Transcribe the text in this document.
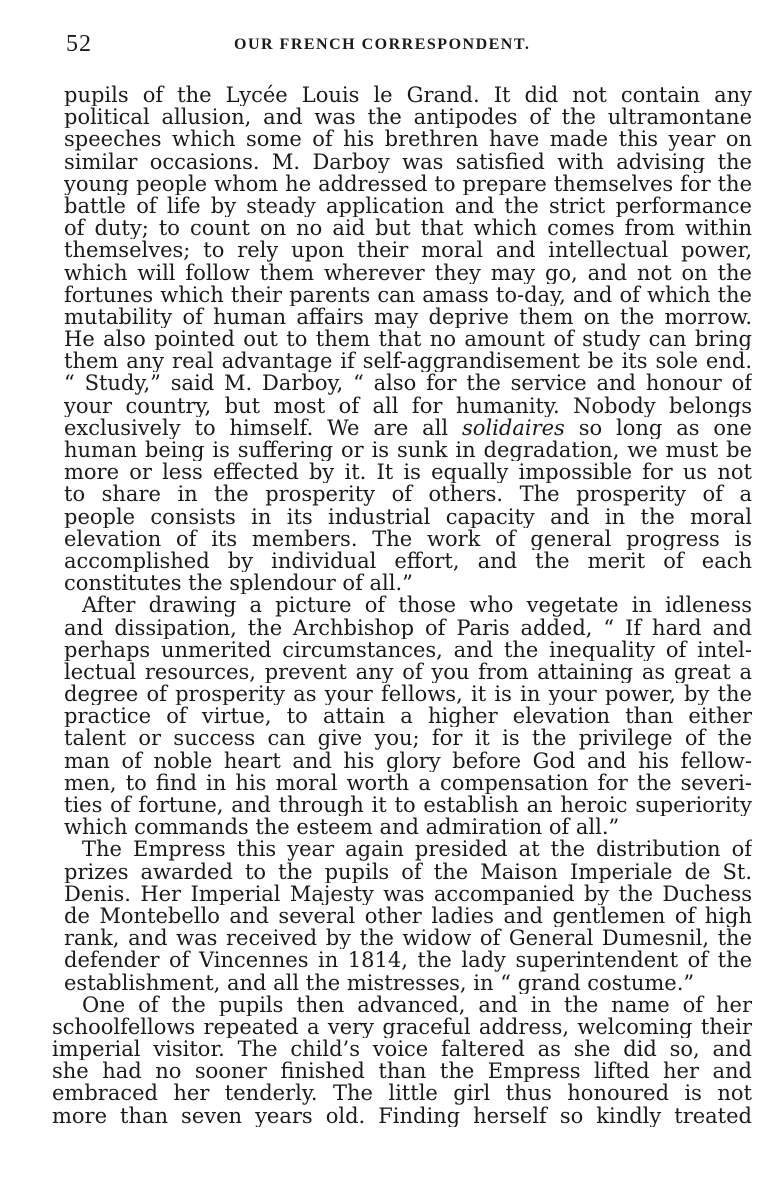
52	OUR FRENCH CORRESPONDENT.
pupils of the Lycée Louis le Grand. It did not contain any
political allusion, and was the antipodes of the ultramontane
speeches which some of his brethren have made this year on
similar occasions. M. Darboy was satisfied with advising the
young people whom he addressed to prepare themselves for the
battle of life by steady application and the strict performance
of duty; to count on no aid but that which comes from within
themselves; to rely upon their moral and intellectual power,
which will follow them wherever they may go, and not on the
fortunes which their parents can amass to-day, and of which the
mutability of human affairs may deprive them on the morrow.
He also pointed out to them that no amount of study can bring
them any real advantage if self-aggrandisement be its sole end.
“ Study,” said M. Darboy, “ also for the service and honour of
your country, but most of all for humanity. Nobody belongs
exclusively to himself. We are all solidaires so long as one
human being is suffering or is sunk in degradation, we must be
more or less effected by it. It is equally impossible for us not
to share in the prosperity of others. The prosperity of a
people consists in its industrial capacity and in the moral
elevation of its members. The work of general progress is
accomplished by individual effort, and the merit of each
constitutes the splendour of all.”
After drawing a picture of those who vegetate in idleness
and dissipation, the Archbishop of Paris added, “ If hard and
perhaps unmerited circumstances, and the inequality of intel-
lectual resources, prevent any of you from attaining as great a
degree of prosperity as your fellows, it is in your power, by the
practice of virtue, to attain a higher elevation than either
talent or success can give you; for it is the privilege of the
man of noble heart and his glory before God and his fellow-
men, to find in his moral worth a compensation for the severi-
ties of fortune, and through it to establish an heroic superiority
which commands the esteem and admiration of all.”
The Empress this year again presided at the distribution of
prizes awarded to the pupils of the Maison Imperiale de St.
Denis. Her Imperial Majesty was accompanied by the Duchess
de Montebello and several other ladies and gentlemen of high
rank, and was received by the widow of General Dumesnil, the
defender of Vincennes in 1814, the lady superintendent of the
establishment, and all the mistresses, in “ grand costume.”
One of the pupils then advanced, and in the name of her
schoolfellows repeated a very graceful address, welcoming their
imperial visitor. The child’s voice faltered as she did so, and
she had no sooner finished than the Empress lifted her and
embraced her tenderly. The little girl thus honoured is not
more than seven years old. Finding herself so kindly treated
